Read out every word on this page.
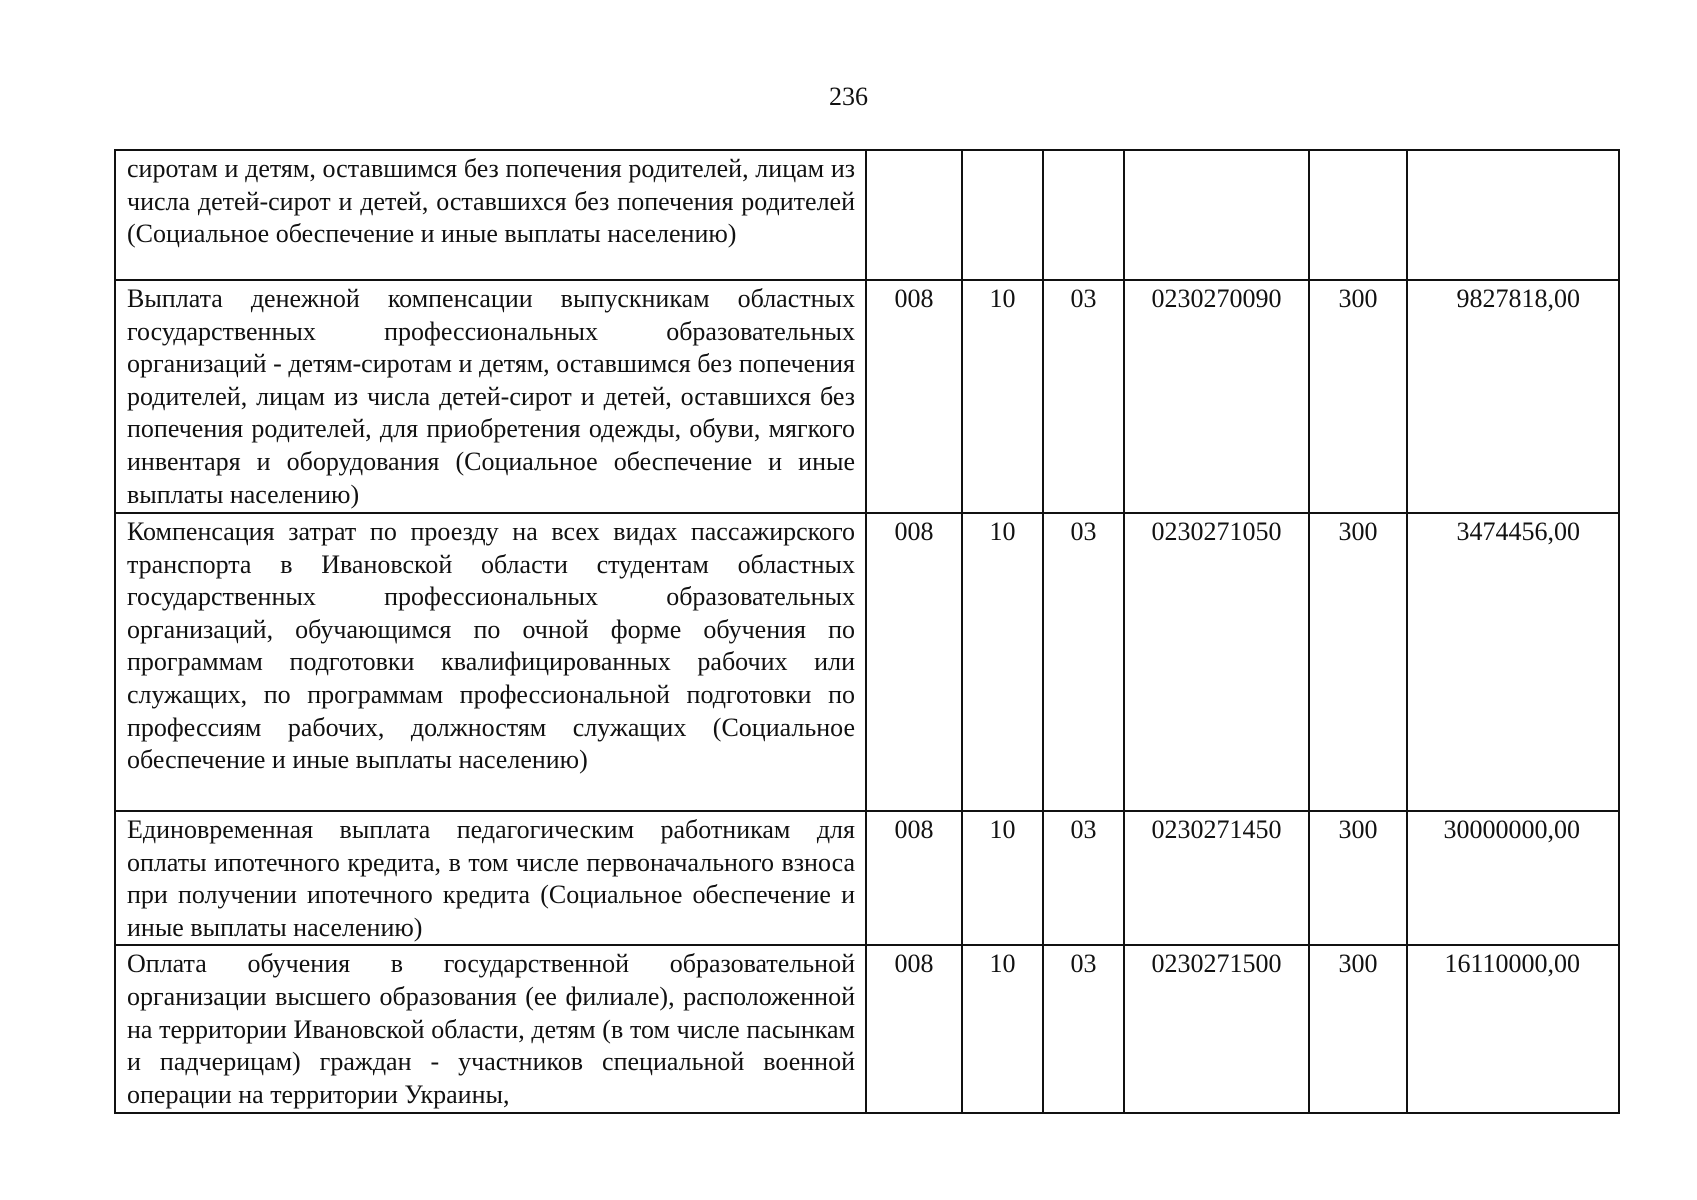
236
сиротам и детям, оставшимся без попечения родителей, лицам из числа детей-сирот и детей, оставшихся без попечения родителей (Социальное обеспечение и иные выплаты населению)						
Выплата денежной компенсации выпускникам областных государственных профессиональных образовательных организаций - детям-сиротам и детям, оставшимся без попечения родителей, лицам из числа детей-сирот и детей, оставшихся без попечения родителей, для приобретения одежды, обуви, мягкого инвентаря и оборудования (Социальное обеспечение и иные выплаты населению)	008	10	03	0230270090	300	9827818,00
Компенсация затрат по проезду на всех видах пассажирского транспорта в Ивановской области студентам областных государственных профессиональных образовательных организаций, обучающимся по очной форме обучения по программам подготовки квалифицированных рабочих или служащих, по программам профессиональной подготовки по профессиям рабочих, должностям служащих (Социальное обеспечение и иные выплаты населению)	008	10	03	0230271050	300	3474456,00
Единовременная выплата педагогическим работникам для оплаты ипотечного кредита, в том числе первоначального взноса при получении ипотечного кредита (Социальное обеспечение и иные выплаты населению)	008	10	03	0230271450	300	30000000,00
Оплата обучения в государственной образовательной организации высшего образования (ее филиале), расположенной на территории Ивановской области, детям (в том числе пасынкам и падчерицам) граждан - участников специальной военной операции на территории Украины,	008	10	03	0230271500	300	16110000,00
